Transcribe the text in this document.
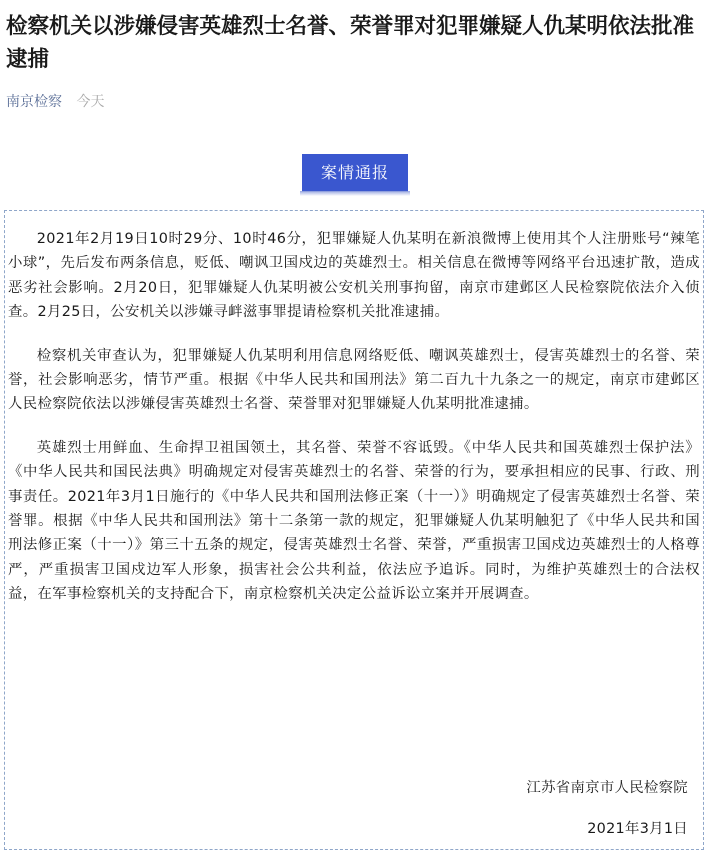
检察机关以涉嫌侵害英雄烈士名誉、荣誉罪对犯罪嫌疑人仇某明依法批准逮捕
南京检察 今天
案情通报

2021年2月19日10时29分、10时46分，犯罪嫌疑人仇某明在新浪微博上使用其个人注册账号“辣笔小球”，先后发布两条信息，贬低、嘲讽卫国戍边的英雄烈士。相关信息在微博等网络平台迅速扩散，造成恶劣社会影响。2月20日，犯罪嫌疑人仇某明被公安机关刑事拘留，南京市建邺区人民检察院依法介入侦查。2月25日，公安机关以涉嫌寻衅滋事罪提请检察机关批准逮捕。

检察机关审查认为，犯罪嫌疑人仇某明利用信息网络贬低、嘲讽英雄烈士，侵害英雄烈士的名誉、荣誉，社会影响恶劣，情节严重。根据《中华人民共和国刑法》第二百九十九条之一的规定，南京市建邺区人民检察院依法以涉嫌侵害英雄烈士名誉、荣誉罪对犯罪嫌疑人仇某明批准逮捕。

英雄烈士用鲜血、生命捍卫祖国领土，其名誉、荣誉不容诋毁。《中华人民共和国英雄烈士保护法》《中华人民共和国民法典》明确规定对侵害英雄烈士的名誉、荣誉的行为，要承担相应的民事、行政、刑事责任。2021年3月1日施行的《中华人民共和国刑法修正案（十一）》明确规定了侵害英雄烈士名誉、荣誉罪。根据《中华人民共和国刑法》第十二条第一款的规定，犯罪嫌疑人仇某明触犯了《中华人民共和国刑法修正案（十一）》第三十五条的规定，侵害英雄烈士名誉、荣誉，严重损害卫国戍边英雄烈士的人格尊严，严重损害卫国戍边军人形象，损害社会公共利益，依法应予追诉。同时，为维护英雄烈士的合法权益，在军事检察机关的支持配合下，南京检察机关决定公益诉讼立案并开展调查。

江苏省南京市人民检察院
2021年3月1日
